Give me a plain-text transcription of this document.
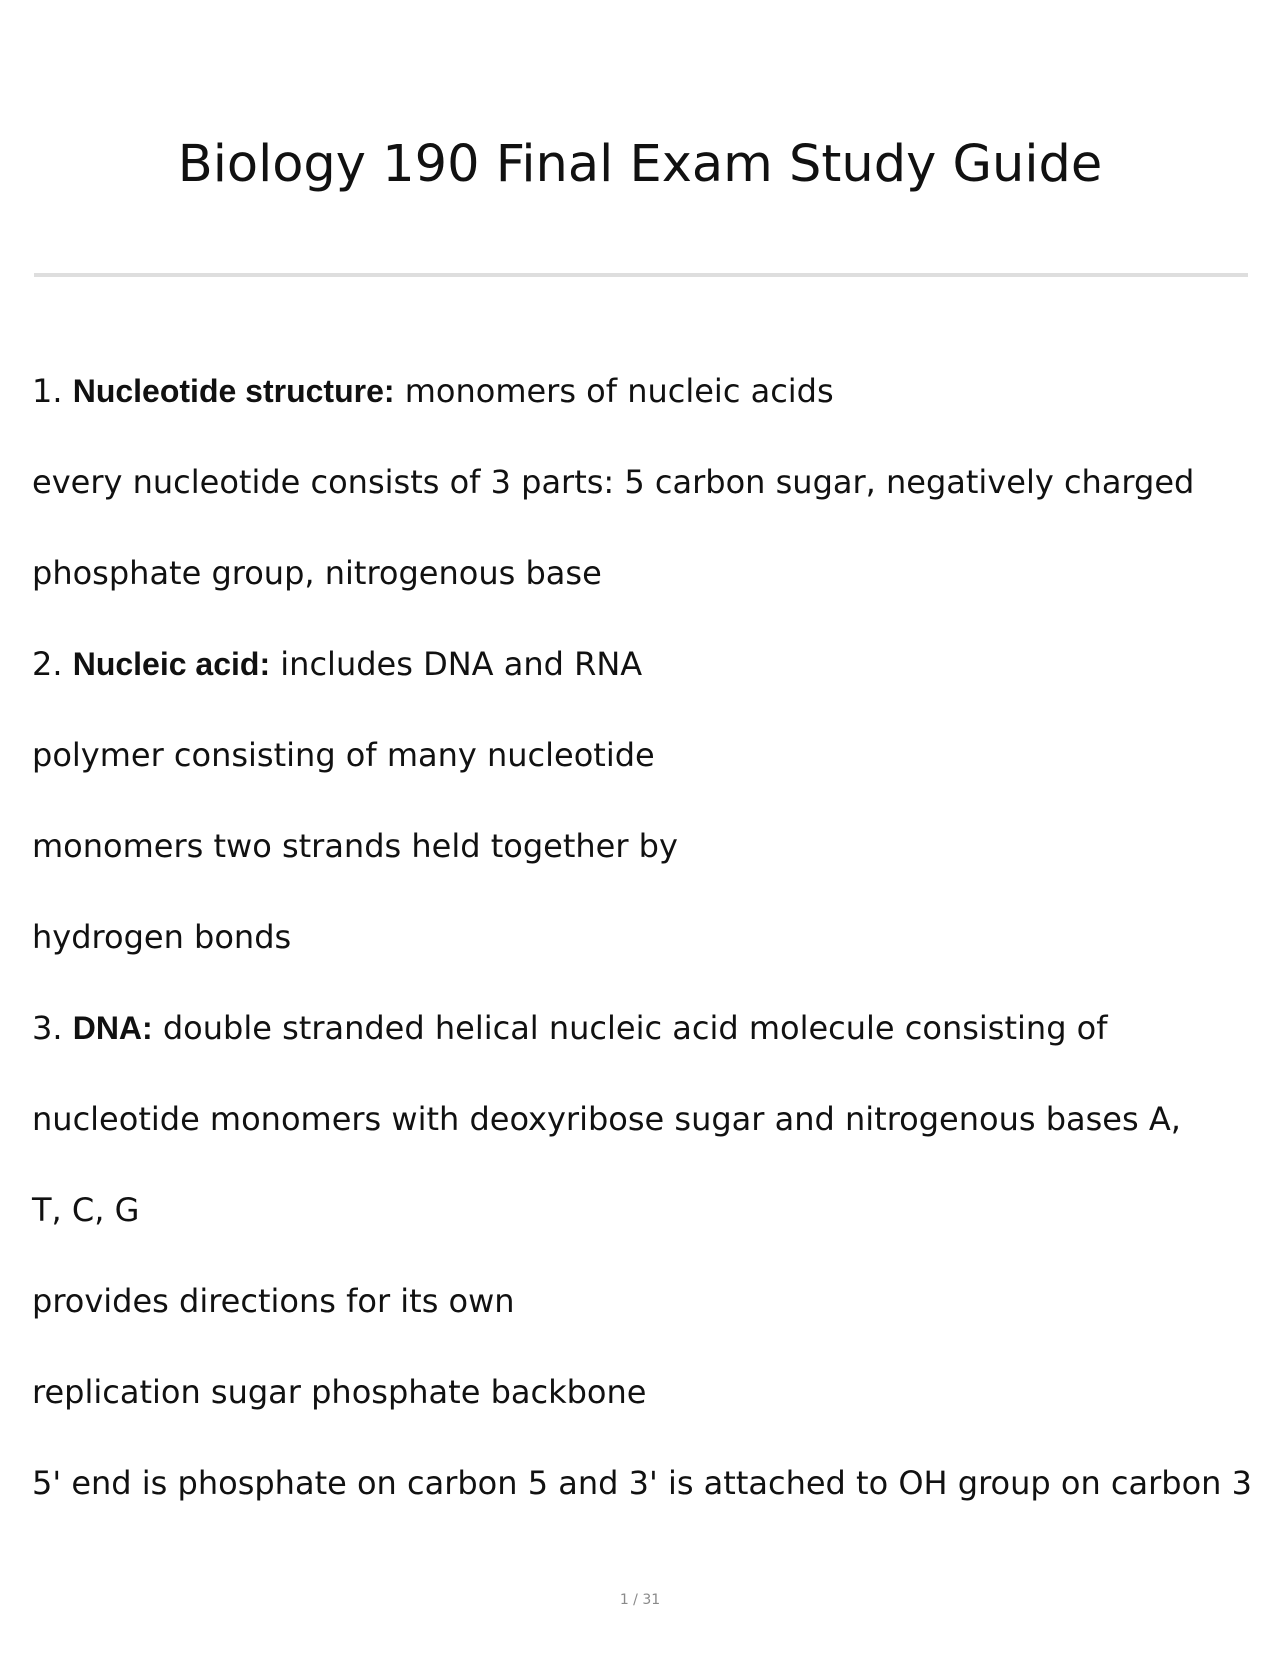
Biology 190 Final Exam Study Guide
1. Nucleotide structure: monomers of nucleic acids
every nucleotide consists of 3 parts: 5 carbon sugar, negatively charged
phosphate group, nitrogenous base
2. Nucleic acid: includes DNA and RNA
polymer consisting of many nucleotide
monomers two strands held together by
hydrogen bonds
3. DNA: double stranded helical nucleic acid molecule consisting of
nucleotide monomers with deoxyribose sugar and nitrogenous bases A,
T, C, G
provides directions for its own
replication sugar phosphate backbone
5' end is phosphate on carbon 5 and 3' is attached to OH group on carbon 3
1 / 31
